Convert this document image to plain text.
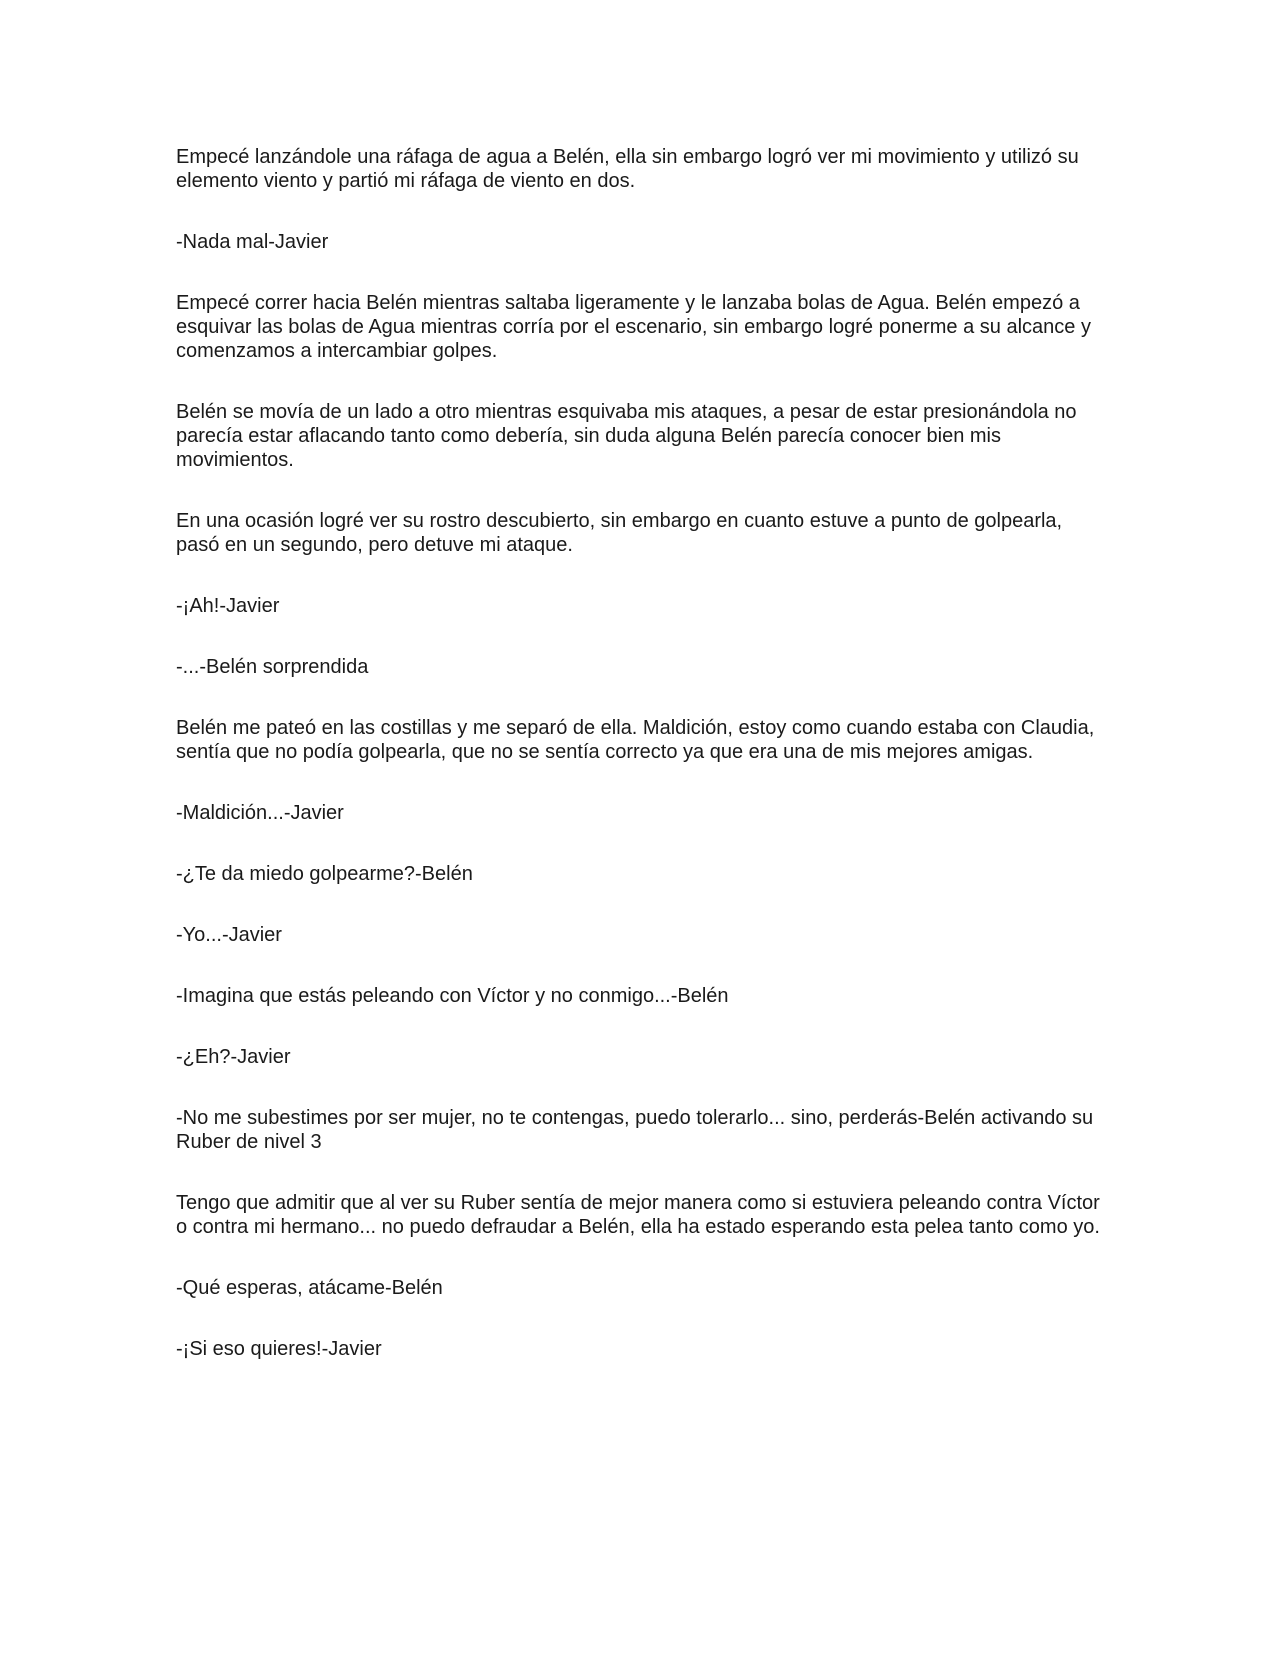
Empecé lanzándole una ráfaga de agua a Belén, ella sin embargo logró ver mi movimiento y utilizó su elemento viento y partió mi ráfaga de viento en dos.

-Nada mal-Javier

Empecé correr hacia Belén mientras saltaba ligeramente y le lanzaba bolas de Agua. Belén empezó a esquivar las bolas de Agua mientras corría por el escenario, sin embargo logré ponerme a su alcance y comenzamos a intercambiar golpes.

Belén se movía de un lado a otro mientras esquivaba mis ataques, a pesar de estar presionándola no parecía estar aflacando tanto como debería, sin duda alguna Belén parecía conocer bien mis movimientos.

En una ocasión logré ver su rostro descubierto, sin embargo en cuanto estuve a punto de golpearla, pasó en un segundo, pero detuve mi ataque.

-¡Ah!-Javier

-...-Belén sorprendida

Belén me pateó en las costillas y me separó de ella. Maldición, estoy como cuando estaba con Claudia, sentía que no podía golpearla, que no se sentía correcto ya que era una de mis mejores amigas.

-Maldición...-Javier

-¿Te da miedo golpearme?-Belén

-Yo...-Javier

-Imagina que estás peleando con Víctor y no conmigo...-Belén

-¿Eh?-Javier

-No me subestimes por ser mujer, no te contengas, puedo tolerarlo... sino, perderás-Belén activando su Ruber de nivel 3

Tengo que admitir que al ver su Ruber sentía de mejor manera como si estuviera peleando contra Víctor o contra mi hermano... no puedo defraudar a Belén, ella ha estado esperando esta pelea tanto como yo.

-Qué esperas, atácame-Belén

-¡Si eso quieres!-Javier
